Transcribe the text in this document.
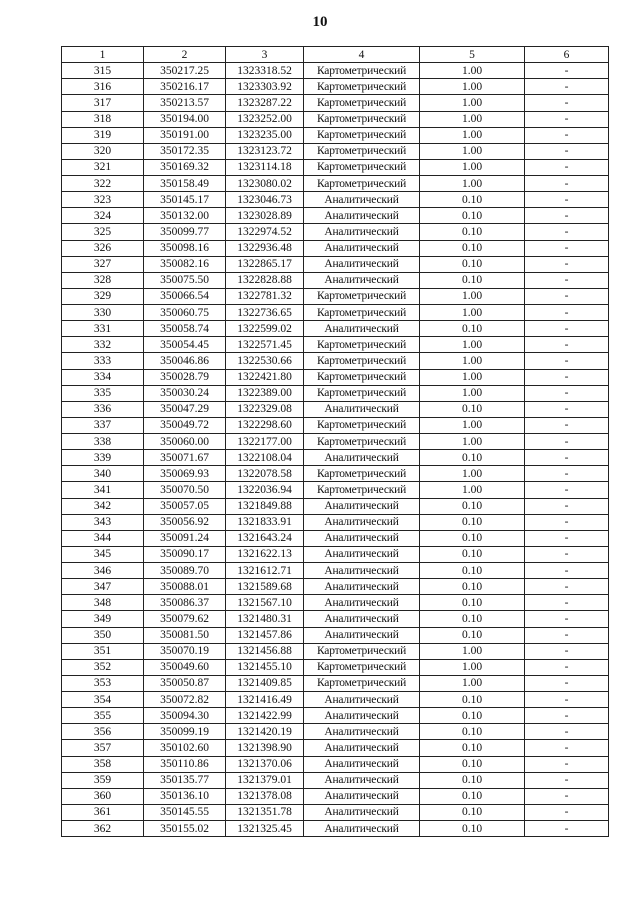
10
1	2	3	4	5	6
315	350217.25	1323318.52	Картометрический	1.00	-
316	350216.17	1323303.92	Картометрический	1.00	-
317	350213.57	1323287.22	Картометрический	1.00	-
318	350194.00	1323252.00	Картометрический	1.00	-
319	350191.00	1323235.00	Картометрический	1.00	-
320	350172.35	1323123.72	Картометрический	1.00	-
321	350169.32	1323114.18	Картометрический	1.00	-
322	350158.49	1323080.02	Картометрический	1.00	-
323	350145.17	1323046.73	Аналитический	0.10	-
324	350132.00	1323028.89	Аналитический	0.10	-
325	350099.77	1322974.52	Аналитический	0.10	-
326	350098.16	1322936.48	Аналитический	0.10	-
327	350082.16	1322865.17	Аналитический	0.10	-
328	350075.50	1322828.88	Аналитический	0.10	-
329	350066.54	1322781.32	Картометрический	1.00	-
330	350060.75	1322736.65	Картометрический	1.00	-
331	350058.74	1322599.02	Аналитический	0.10	-
332	350054.45	1322571.45	Картометрический	1.00	-
333	350046.86	1322530.66	Картометрический	1.00	-
334	350028.79	1322421.80	Картометрический	1.00	-
335	350030.24	1322389.00	Картометрический	1.00	-
336	350047.29	1322329.08	Аналитический	0.10	-
337	350049.72	1322298.60	Картометрический	1.00	-
338	350060.00	1322177.00	Картометрический	1.00	-
339	350071.67	1322108.04	Аналитический	0.10	-
340	350069.93	1322078.58	Картометрический	1.00	-
341	350070.50	1322036.94	Картометрический	1.00	-
342	350057.05	1321849.88	Аналитический	0.10	-
343	350056.92	1321833.91	Аналитический	0.10	-
344	350091.24	1321643.24	Аналитический	0.10	-
345	350090.17	1321622.13	Аналитический	0.10	-
346	350089.70	1321612.71	Аналитический	0.10	-
347	350088.01	1321589.68	Аналитический	0.10	-
348	350086.37	1321567.10	Аналитический	0.10	-
349	350079.62	1321480.31	Аналитический	0.10	-
350	350081.50	1321457.86	Аналитический	0.10	-
351	350070.19	1321456.88	Картометрический	1.00	-
352	350049.60	1321455.10	Картометрический	1.00	-
353	350050.87	1321409.85	Картометрический	1.00	-
354	350072.82	1321416.49	Аналитический	0.10	-
355	350094.30	1321422.99	Аналитический	0.10	-
356	350099.19	1321420.19	Аналитический	0.10	-
357	350102.60	1321398.90	Аналитический	0.10	-
358	350110.86	1321370.06	Аналитический	0.10	-
359	350135.77	1321379.01	Аналитический	0.10	-
360	350136.10	1321378.08	Аналитический	0.10	-
361	350145.55	1321351.78	Аналитический	0.10	-
362	350155.02	1321325.45	Аналитический	0.10	-
